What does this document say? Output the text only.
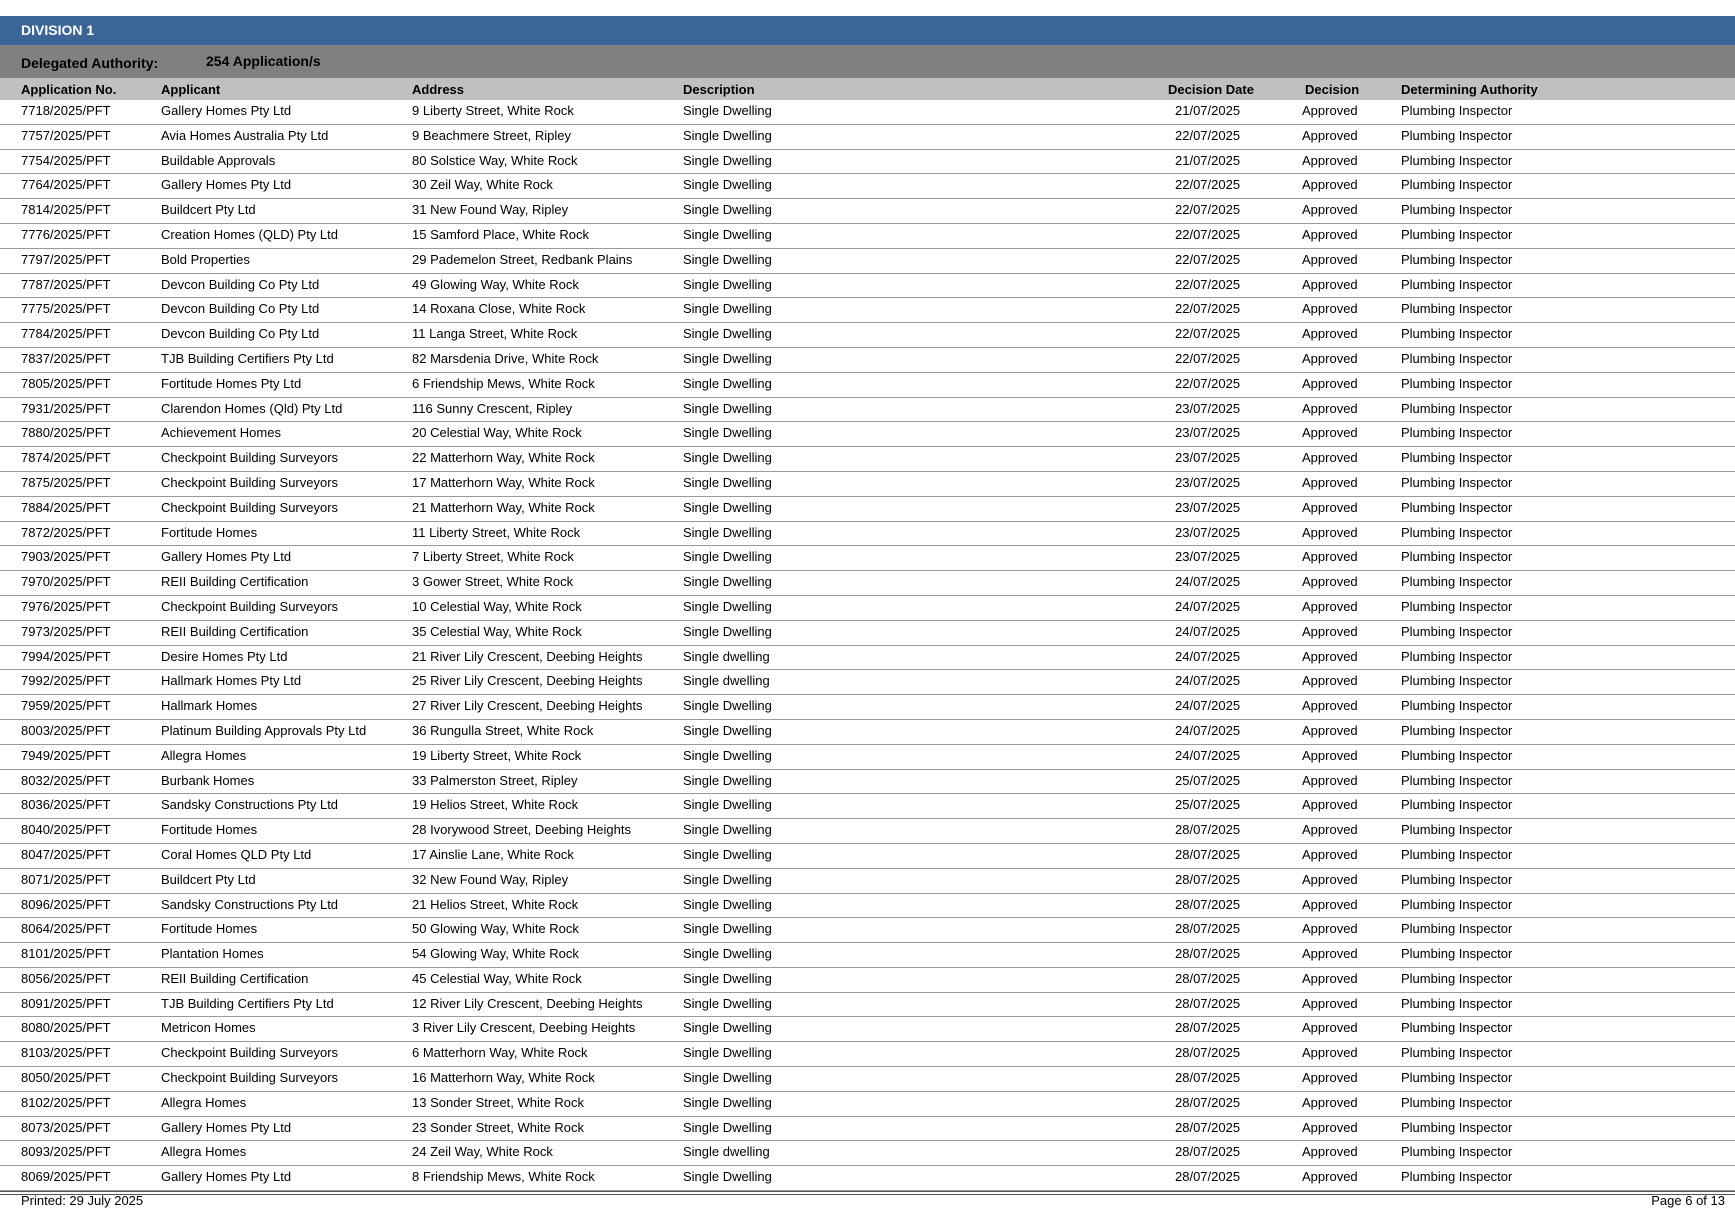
DIVISION 1
Delegated Authority:	254 Application/s
Application No.	Applicant	Address	Description	Decision Date	Decision	Determining Authority
7718/2025/PFT	Gallery Homes Pty Ltd	9 Liberty Street, White Rock	Single Dwelling	21/07/2025	Approved	Plumbing Inspector
7757/2025/PFT	Avia Homes Australia Pty Ltd	9 Beachmere Street, Ripley	Single Dwelling	22/07/2025	Approved	Plumbing Inspector
7754/2025/PFT	Buildable Approvals	80 Solstice Way, White Rock	Single Dwelling	21/07/2025	Approved	Plumbing Inspector
7764/2025/PFT	Gallery Homes Pty Ltd	30 Zeil Way, White Rock	Single Dwelling	22/07/2025	Approved	Plumbing Inspector
7814/2025/PFT	Buildcert Pty Ltd	31 New Found Way, Ripley	Single Dwelling	22/07/2025	Approved	Plumbing Inspector
7776/2025/PFT	Creation Homes (QLD) Pty Ltd	15 Samford Place, White Rock	Single Dwelling	22/07/2025	Approved	Plumbing Inspector
7797/2025/PFT	Bold Properties	29 Pademelon Street, Redbank Plains	Single Dwelling	22/07/2025	Approved	Plumbing Inspector
7787/2025/PFT	Devcon Building Co Pty Ltd	49 Glowing Way, White Rock	Single Dwelling	22/07/2025	Approved	Plumbing Inspector
7775/2025/PFT	Devcon Building Co Pty Ltd	14 Roxana Close, White Rock	Single Dwelling	22/07/2025	Approved	Plumbing Inspector
7784/2025/PFT	Devcon Building Co Pty Ltd	11 Langa Street, White Rock	Single Dwelling	22/07/2025	Approved	Plumbing Inspector
7837/2025/PFT	TJB Building Certifiers Pty Ltd	82 Marsdenia Drive, White Rock	Single Dwelling	22/07/2025	Approved	Plumbing Inspector
7805/2025/PFT	Fortitude Homes Pty Ltd	6 Friendship Mews, White Rock	Single Dwelling	22/07/2025	Approved	Plumbing Inspector
7931/2025/PFT	Clarendon Homes (Qld) Pty Ltd	116 Sunny Crescent, Ripley	Single Dwelling	23/07/2025	Approved	Plumbing Inspector
7880/2025/PFT	Achievement Homes	20 Celestial Way, White Rock	Single Dwelling	23/07/2025	Approved	Plumbing Inspector
7874/2025/PFT	Checkpoint Building Surveyors	22 Matterhorn Way, White Rock	Single Dwelling	23/07/2025	Approved	Plumbing Inspector
7875/2025/PFT	Checkpoint Building Surveyors	17 Matterhorn Way, White Rock	Single Dwelling	23/07/2025	Approved	Plumbing Inspector
7884/2025/PFT	Checkpoint Building Surveyors	21 Matterhorn Way, White Rock	Single Dwelling	23/07/2025	Approved	Plumbing Inspector
7872/2025/PFT	Fortitude Homes	11 Liberty Street, White Rock	Single Dwelling	23/07/2025	Approved	Plumbing Inspector
7903/2025/PFT	Gallery Homes Pty Ltd	7 Liberty Street, White Rock	Single Dwelling	23/07/2025	Approved	Plumbing Inspector
7970/2025/PFT	REII Building Certification	3 Gower Street, White Rock	Single Dwelling	24/07/2025	Approved	Plumbing Inspector
7976/2025/PFT	Checkpoint Building Surveyors	10 Celestial Way, White Rock	Single Dwelling	24/07/2025	Approved	Plumbing Inspector
7973/2025/PFT	REII Building Certification	35 Celestial Way, White Rock	Single Dwelling	24/07/2025	Approved	Plumbing Inspector
7994/2025/PFT	Desire Homes Pty Ltd	21 River Lily Crescent, Deebing Heights	Single dwelling	24/07/2025	Approved	Plumbing Inspector
7992/2025/PFT	Hallmark Homes Pty Ltd	25 River Lily Crescent, Deebing Heights	Single dwelling	24/07/2025	Approved	Plumbing Inspector
7959/2025/PFT	Hallmark Homes	27 River Lily Crescent, Deebing Heights	Single Dwelling	24/07/2025	Approved	Plumbing Inspector
8003/2025/PFT	Platinum Building Approvals Pty Ltd	36 Rungulla Street, White Rock	Single Dwelling	24/07/2025	Approved	Plumbing Inspector
7949/2025/PFT	Allegra Homes	19 Liberty Street, White Rock	Single Dwelling	24/07/2025	Approved	Plumbing Inspector
8032/2025/PFT	Burbank Homes	33 Palmerston Street, Ripley	Single Dwelling	25/07/2025	Approved	Plumbing Inspector
8036/2025/PFT	Sandsky Constructions Pty Ltd	19 Helios Street, White Rock	Single Dwelling	25/07/2025	Approved	Plumbing Inspector
8040/2025/PFT	Fortitude Homes	28 Ivorywood Street, Deebing Heights	Single Dwelling	28/07/2025	Approved	Plumbing Inspector
8047/2025/PFT	Coral Homes QLD Pty Ltd	17 Ainslie Lane, White Rock	Single Dwelling	28/07/2025	Approved	Plumbing Inspector
8071/2025/PFT	Buildcert Pty Ltd	32 New Found Way, Ripley	Single Dwelling	28/07/2025	Approved	Plumbing Inspector
8096/2025/PFT	Sandsky Constructions Pty Ltd	21 Helios Street, White Rock	Single Dwelling	28/07/2025	Approved	Plumbing Inspector
8064/2025/PFT	Fortitude Homes	50 Glowing Way, White Rock	Single Dwelling	28/07/2025	Approved	Plumbing Inspector
8101/2025/PFT	Plantation Homes	54 Glowing Way, White Rock	Single Dwelling	28/07/2025	Approved	Plumbing Inspector
8056/2025/PFT	REII Building Certification	45 Celestial Way, White Rock	Single Dwelling	28/07/2025	Approved	Plumbing Inspector
8091/2025/PFT	TJB Building Certifiers Pty Ltd	12 River Lily Crescent, Deebing Heights	Single Dwelling	28/07/2025	Approved	Plumbing Inspector
8080/2025/PFT	Metricon Homes	3 River Lily Crescent, Deebing Heights	Single Dwelling	28/07/2025	Approved	Plumbing Inspector
8103/2025/PFT	Checkpoint Building Surveyors	6 Matterhorn Way, White Rock	Single Dwelling	28/07/2025	Approved	Plumbing Inspector
8050/2025/PFT	Checkpoint Building Surveyors	16 Matterhorn Way, White Rock	Single Dwelling	28/07/2025	Approved	Plumbing Inspector
8102/2025/PFT	Allegra Homes	13 Sonder Street, White Rock	Single Dwelling	28/07/2025	Approved	Plumbing Inspector
8073/2025/PFT	Gallery Homes Pty Ltd	23 Sonder Street, White Rock	Single Dwelling	28/07/2025	Approved	Plumbing Inspector
8093/2025/PFT	Allegra Homes	24 Zeil Way, White Rock	Single dwelling	28/07/2025	Approved	Plumbing Inspector
8069/2025/PFT	Gallery Homes Pty Ltd	8 Friendship Mews, White Rock	Single Dwelling	28/07/2025	Approved	Plumbing Inspector
Printed: 29 July 2025	Page 6 of 13
